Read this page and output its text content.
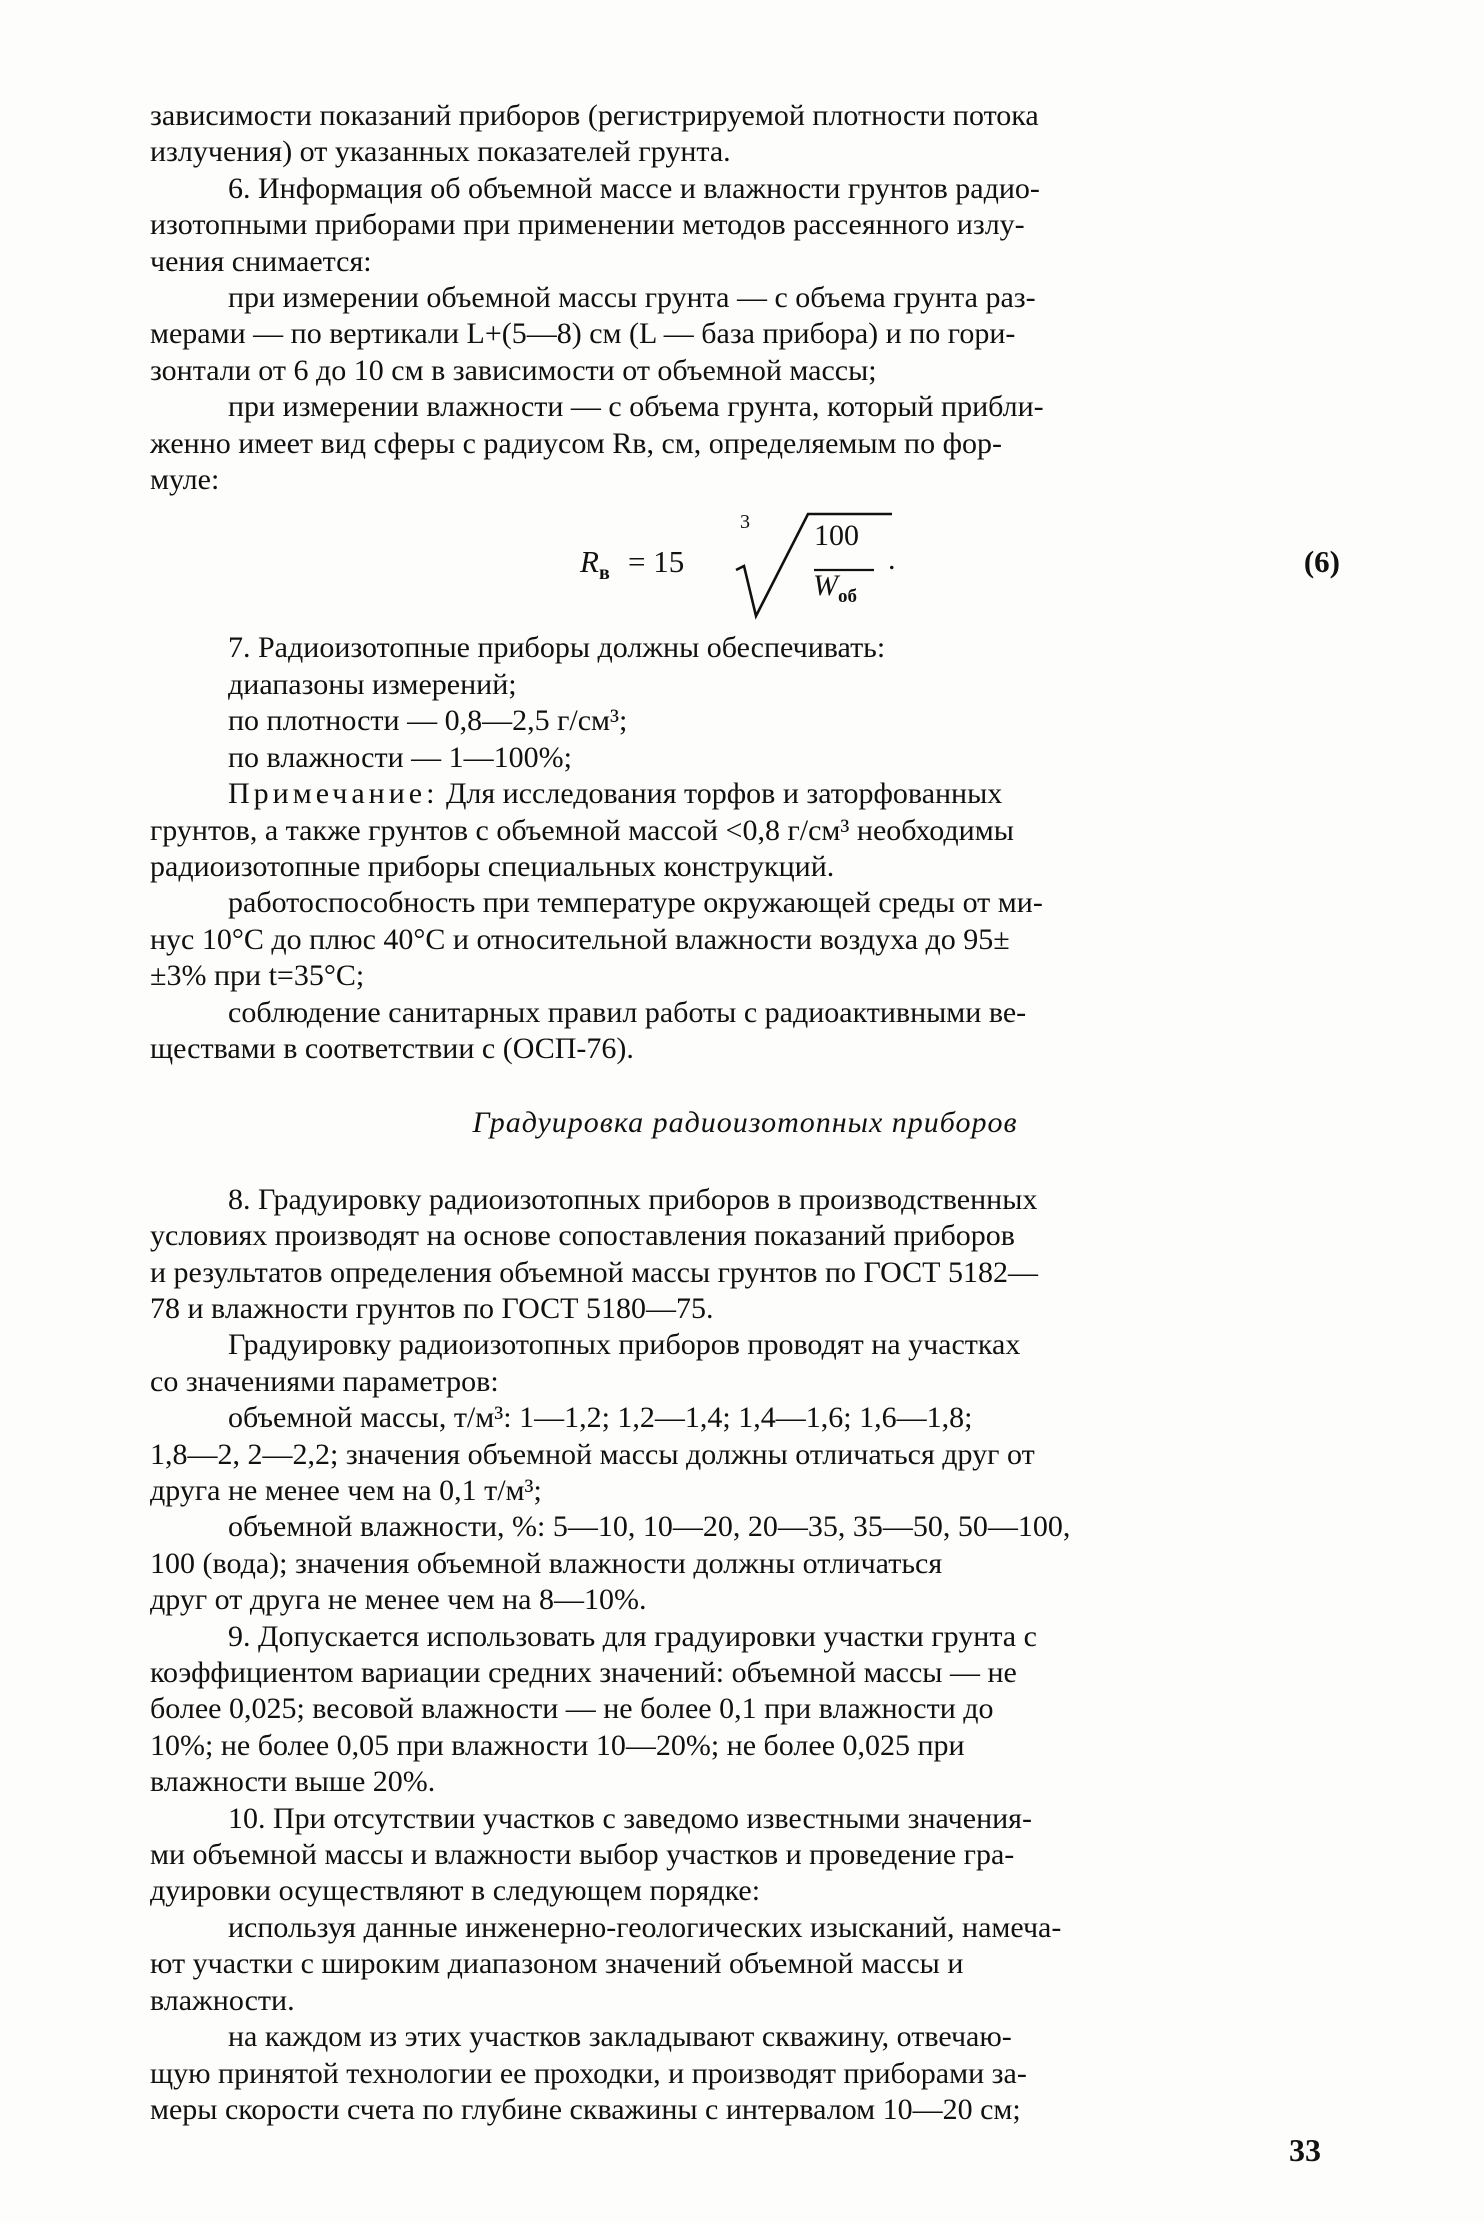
зависимости показаний приборов (регистрируемой плотности потока
излучения) от указанных показателей грунта.

6. Информация об объемной массе и влажности грунтов радио-
изотопными приборами при применении методов рассеянного излу-
чения снимается:

при измерении объемной массы грунта — с объема грунта раз-
мерами — по вертикали L+(5—8) см (L — база прибора) и по гори-
зонтали от 6 до 10 см в зависимости от объемной массы;

при измерении влажности — с объема грунта, который прибли-
женно имеет вид сферы с радиусом Rв, см, определяемым по фор-
муле:

$R_в = 15$
3 100
$W_{об}$
.	(6)

7. Радиоизотопные приборы должны обеспечивать:

диапазоны измерений;
по плотности — 0,8—2,5 г/см³;
по влажности — 1—100%;

Примечание: Для исследования торфов и заторфованных
грунтов, а также грунтов с объемной массой <0,8 г/см³ необходимы
радиоизотопные приборы специальных конструкций.

работоспособность при температуре окружающей среды от ми-
нус 10°С до плюс 40°С и относительной влажности воздуха до 95±
±3% при t=35°С;

соблюдение санитарных правил работы с радиоактивными ве-
ществами в соответствии с (ОСП-76).

Градуировка радиоизотопных приборов

8. Градуировку радиоизотопных приборов в производственных
условиях производят на основе сопоставления показаний приборов
и результатов определения объемной массы грунтов по ГОСТ 5182—
78 и влажности грунтов по ГОСТ 5180—75.

Градуировку радиоизотопных приборов проводят на участках
со значениями параметров:

объемной массы, т/м³: 1—1,2; 1,2—1,4; 1,4—1,6; 1,6—1,8;
1,8—2, 2—2,2; значения объемной массы должны отличаться друг от
друга не менее чем на 0,1 т/м³;

объемной влажности, %: 5—10, 10—20, 20—35, 35—50, 50—100,
100 (вода); значения объемной влажности должны отличаться
друг от друга не менее чем на 8—10%.

9. Допускается использовать для градуировки участки грунта с
коэффициентом вариации средних значений: объемной массы — не
более 0,025; весовой влажности — не более 0,1 при влажности до
10%; не более 0,05 при влажности 10—20%; не более 0,025 при
влажности выше 20%.

10. При отсутствии участков с заведомо известными значения-
ми объемной массы и влажности выбор участков и проведение гра-
дуировки осуществляют в следующем порядке:

используя данные инженерно-геологических изысканий, намеча-
ют участки с широким диапазоном значений объемной массы и
влажности.

на каждом из этих участков закладывают скважину, отвечаю-
щую принятой технологии ее проходки, и производят приборами за-
меры скорости счета по глубине скважины с интервалом 10—20 см;

33
